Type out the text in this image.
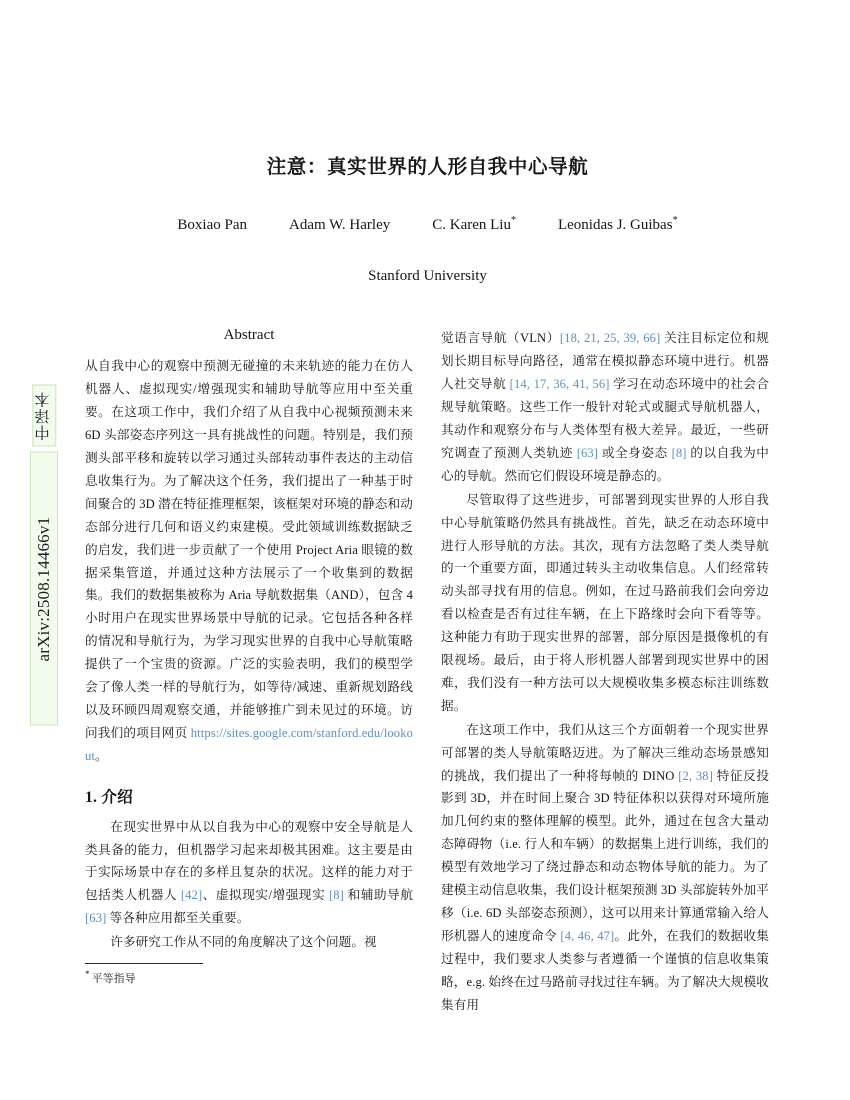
中译本
arXiv:2508.14466v1
注意：真实世界的人形自我中心导航
Boxiao Pan	Adam W. Harley	C. Karen Liu*	Leonidas J. Guibas*
Stanford University
Abstract

从自我中心的观察中预测无碰撞的未来轨迹的能力在仿人机器人、虚拟现实/增强现实和辅助导航等应用中至关重要。在这项工作中，我们介绍了从自我中心视频预测未来 6D 头部姿态序列这一具有挑战性的问题。特别是，我们预测头部平移和旋转以学习通过头部转动事件表达的主动信息收集行为。为了解决这个任务，我们提出了一种基于时间聚合的 3D 潜在特征推理框架，该框架对环境的静态和动态部分进行几何和语义约束建模。受此领域训练数据缺乏的启发，我们进一步贡献了一个使用 Project Aria 眼镜的数据采集管道，并通过这种方法展示了一个收集到的数据集。我们的数据集被称为 Aria 导航数据集（AND），包含 4 小时用户在现实世界场景中导航的记录。它包括各种各样的情况和导航行为，为学习现实世界的自我中心导航策略提供了一个宝贵的资源。广泛的实验表明，我们的模型学会了像人类一样的导航行为，如等待/减速、重新规划路线以及环顾四周观察交通，并能够推广到未见过的环境。访问我们的项目网页 https://sites.google.com/stanford.edu/lookout。

1. 介绍

在现实世界中从以自我为中心的观察中安全导航是人类具备的能力，但机器学习起来却极其困难。这主要是由于实际场景中存在的多样且复杂的状况。这样的能力对于包括类人机器人 [42]、虚拟现实/增强现实 [8] 和辅助导航 [63] 等各种应用都至关重要。

许多研究工作从不同的角度解决了这个问题。视

觉语言导航（VLN）[18, 21, 25, 39, 66] 关注目标定位和规划长期目标导向路径，通常在模拟静态环境中进行。机器人社交导航 [14, 17, 36, 41, 56] 学习在动态环境中的社会合规导航策略。这些工作一般针对轮式或腿式导航机器人，其动作和观察分布与人类体型有极大差异。最近，一些研究调查了预测人类轨迹 [63] 或全身姿态 [8] 的以自我为中心的导航。然而它们假设环境是静态的。

尽管取得了这些进步，可部署到现实世界的人形自我中心导航策略仍然具有挑战性。首先，缺乏在动态环境中进行人形导航的方法。其次，现有方法忽略了类人类导航的一个重要方面，即通过转头主动收集信息。人们经常转动头部寻找有用的信息。例如，在过马路前我们会向旁边看以检查是否有过往车辆，在上下路缘时会向下看等等。这种能力有助于现实世界的部署，部分原因是摄像机的有限视场。最后，由于将人形机器人部署到现实世界中的困难，我们没有一种方法可以大规模收集多模态标注训练数据。

在这项工作中，我们从这三个方面朝着一个现实世界可部署的类人导航策略迈进。为了解决三维动态场景感知的挑战，我们提出了一种将每帧的 DINO [2, 38] 特征反投影到 3D，并在时间上聚合 3D 特征体积以获得对环境所施加几何约束的整体理解的模型。此外，通过在包含大量动态障碍物（i.e. 行人和车辆）的数据集上进行训练，我们的模型有效地学习了绕过静态和动态物体导航的能力。为了建模主动信息收集，我们设计框架预测 3D 头部旋转外加平移（i.e. 6D 头部姿态预测），这可以用来计算通常输入给人形机器人的速度命令 [4, 46, 47]。此外，在我们的数据收集过程中，我们要求人类参与者遵循一个谨慎的信息收集策略，e.g. 始终在过马路前寻找过往车辆。为了解决大规模收集有用

* 平等指导
